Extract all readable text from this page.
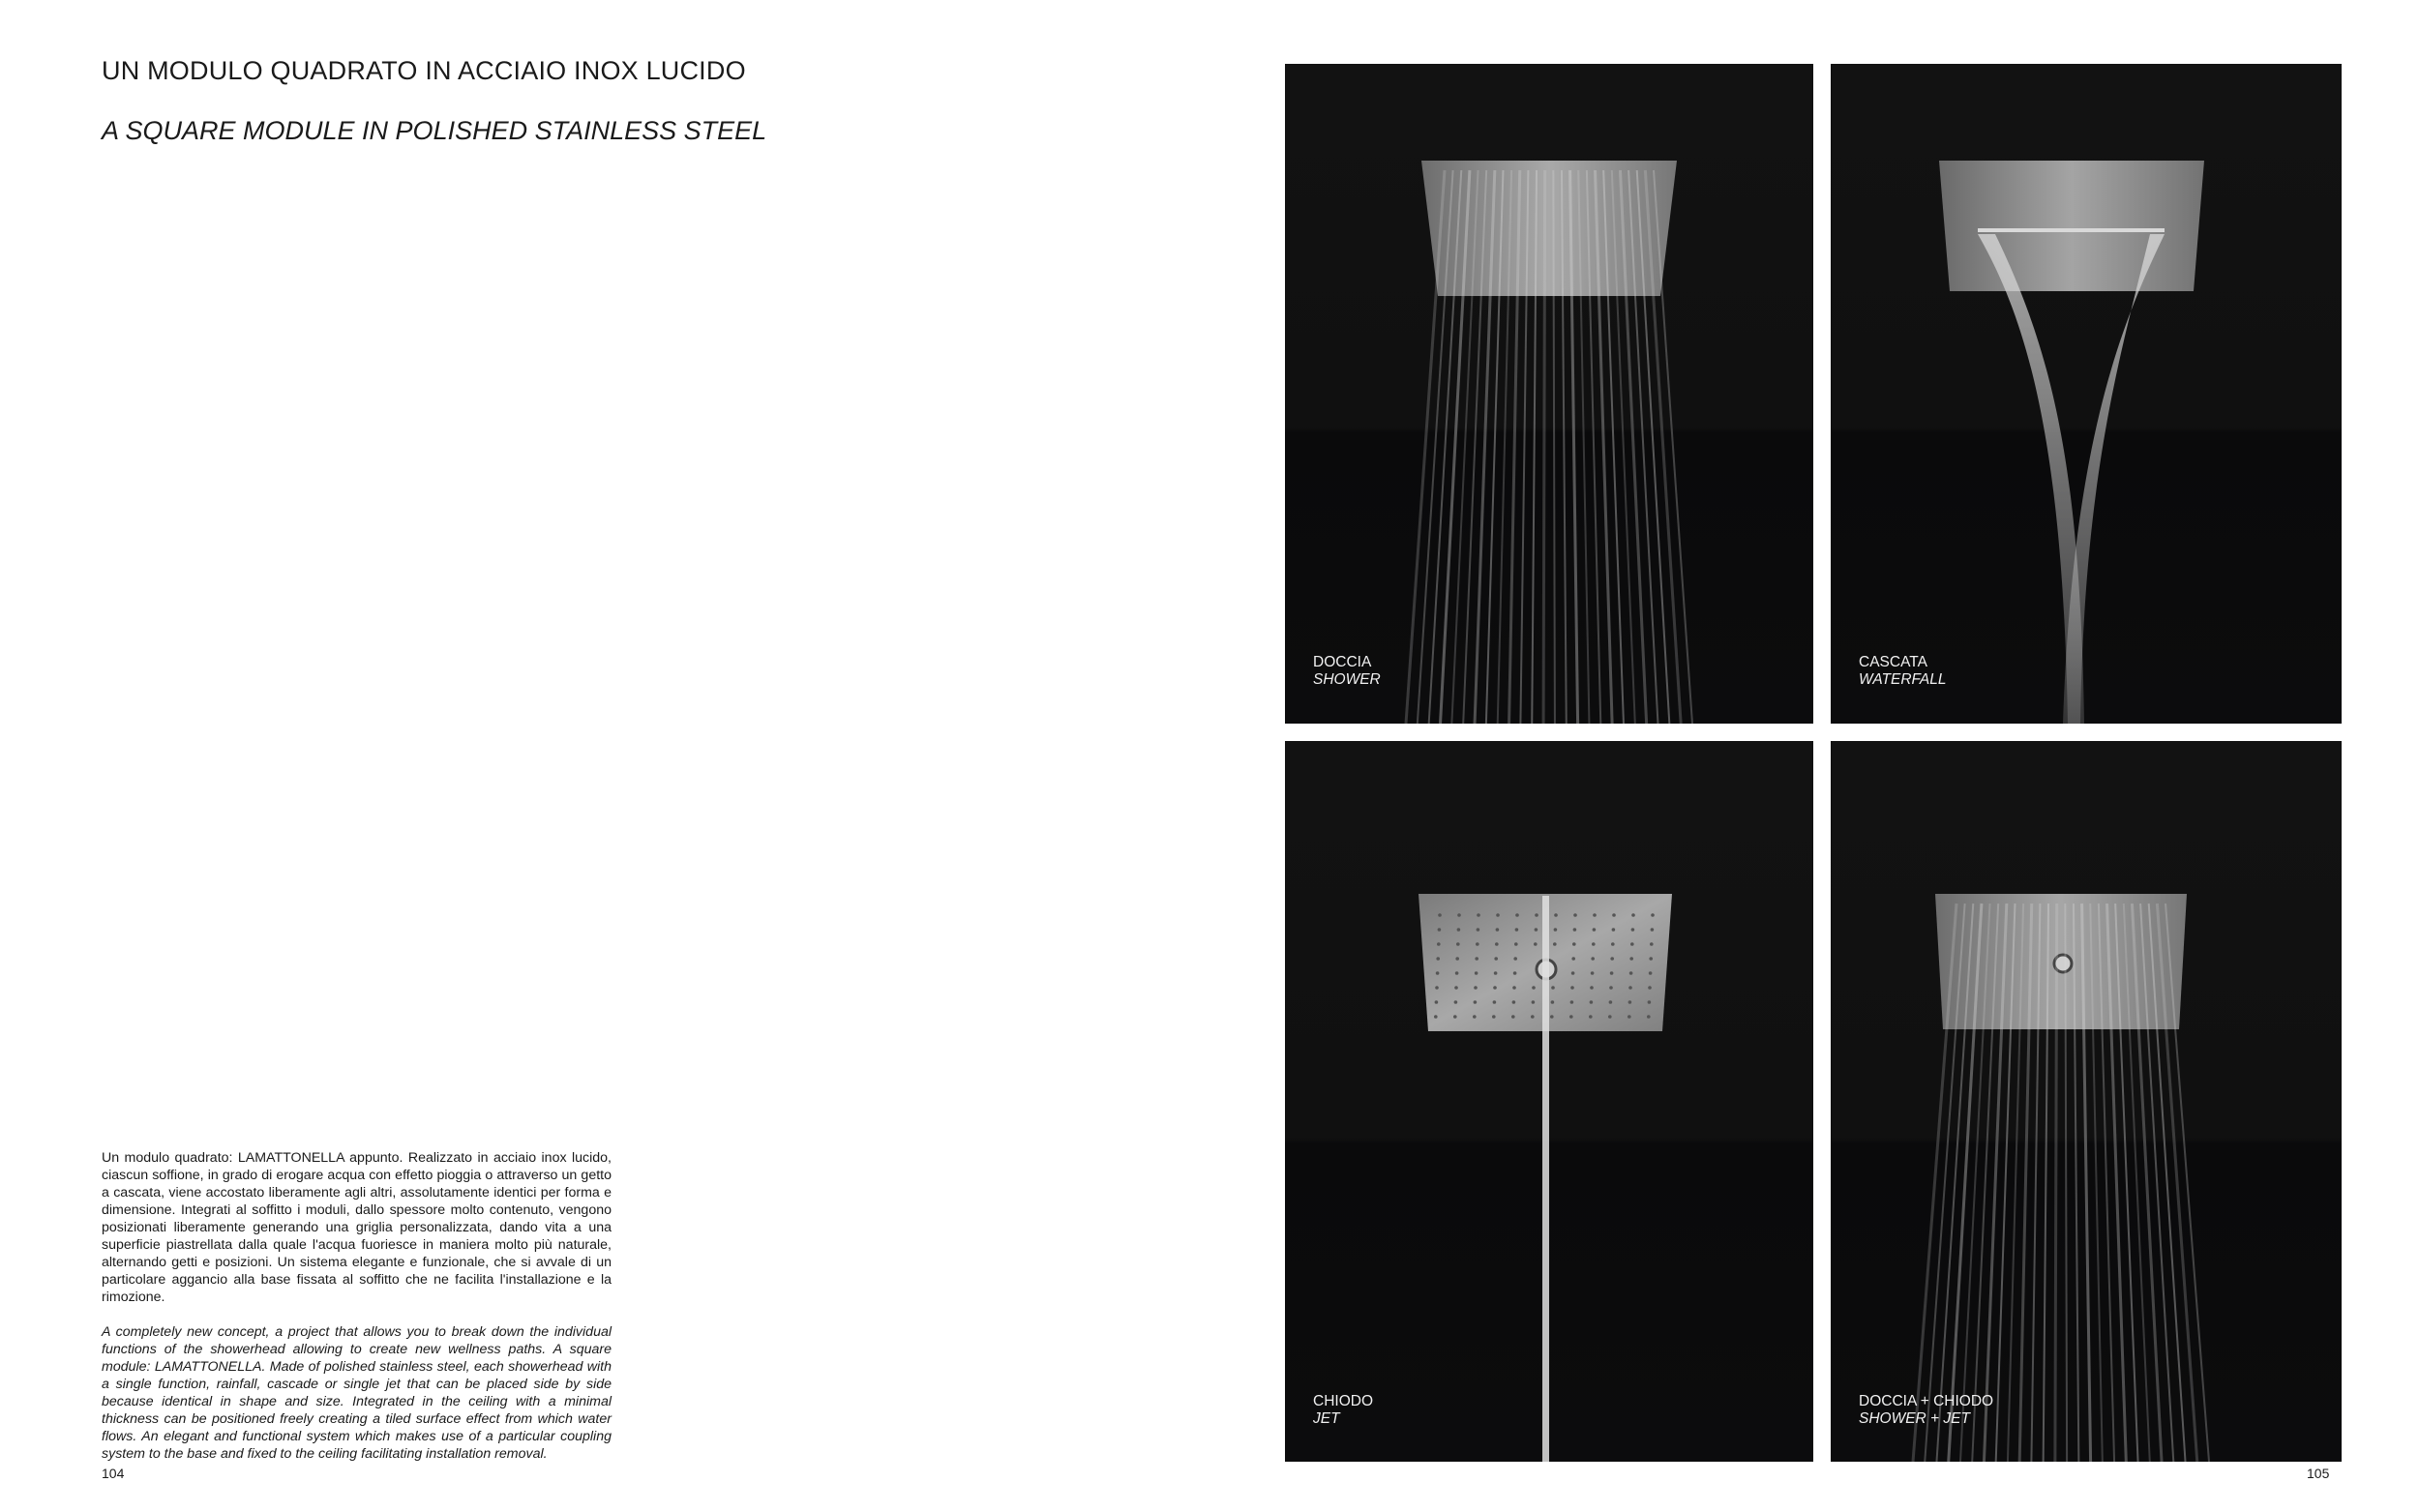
UN MODULO QUADRATO IN ACCIAIO INOX LUCIDO
A SQUARE MODULE IN POLISHED STAINLESS STEEL

Un modulo quadrato: LAMATTONELLA appunto. Realizzato in acciaio inox lucido, ciascun soffione, in grado di erogare acqua con effetto pioggia o attraverso un getto a cascata, viene accostato liberamente agli altri, assolutamente identici per forma e dimensione. Integrati al soffitto i moduli, dallo spessore molto contenuto, vengono posizionati liberamente generando una griglia personalizzata, dando vita a una superficie piastrellata dalla quale l'acqua fuoriesce in maniera molto più naturale, alternando getti e posizioni. Un sistema elegante e funzionale, che si avvale di un particolare aggancio alla base fissata al soffitto che ne facilita l'installazione e la rimozione.

A completely new concept, a project that allows you to break down the individual functions of the showerhead allowing to create new wellness paths. A square module: LAMATTONELLA. Made of polished stainless steel, each showerhead with a single function, rainfall, cascade or single jet that can be placed side by side because identical in shape and size. Integrated in the ceiling with a minimal thickness can be positioned freely creating a tiled surface effect from which water flows. An elegant and functional system which makes use of a particular coupling system to the base and fixed to the ceiling facilitating installation removal.

104	105
DOCCIA
SHOWER
CASCATA
WATERFALL
CHIODO
JET
DOCCIA + CHIODO
SHOWER + JET
